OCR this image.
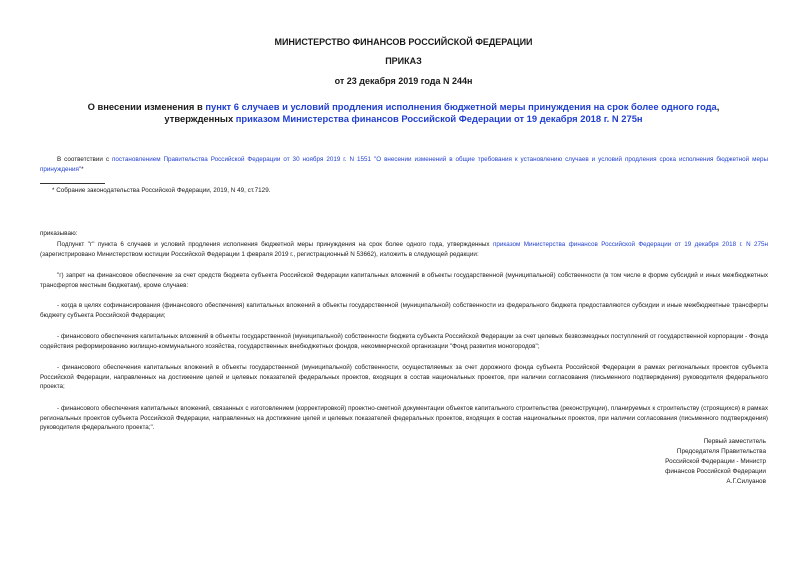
МИНИСТЕРСТВО ФИНАНСОВ РОССИЙСКОЙ ФЕДЕРАЦИИ
ПРИКАЗ
от 23 декабря 2019 года N 244н
О внесении изменения в пункт 6 случаев и условий продления исполнения бюджетной меры принуждения на срок более одного года, утвержденных приказом Министерства финансов Российской Федерации от 19 декабря 2018 г. N 275н
В соответствии с постановлением Правительства Российской Федерации от 30 ноября 2019 г. N 1551 "О внесении изменений в общие требования к установлению случаев и условий продления срока исполнения бюджетной меры принуждения"*
* Собрание законодательства Российской Федерации, 2019, N 49, ст.7129.
приказываю:
Подпункт "г" пункта 6 случаев и условий продления исполнения бюджетной меры принуждения на срок более одного года, утвержденных приказом Министерства финансов Российской Федерации от 19 декабря 2018 г. N 275н (зарегистрировано Министерством юстиции Российской Федерации 1 февраля 2019 г., регистрационный N 53662), изложить в следующей редакции:
"г) запрет на финансовое обеспечение за счет средств бюджета субъекта Российской Федерации капитальных вложений в объекты государственной (муниципальной) собственности (в том числе в форме субсидий и иных межбюджетных трансфертов местным бюджетам), кроме случаев:
- когда в целях софинансирования (финансового обеспечения) капитальных вложений в объекты государственной (муниципальной) собственности из федерального бюджета предоставляются субсидии и иные межбюджетные трансферты бюджету субъекта Российской Федерации;
- финансового обеспечения капитальных вложений в объекты государственной (муниципальной) собственности бюджета субъекта Российской Федерации за счет целевых безвозмездных поступлений от государственной корпорации - Фонда содействия реформированию жилищно-коммунального хозяйства, государственных внебюджетных фондов, некоммерческой организации "Фонд развития моногородов";
- финансового обеспечения капитальных вложений в объекты государственной (муниципальной) собственности, осуществляемых за счет дорожного фонда субъекта Российской Федерации в рамках региональных проектов субъекта Российской Федерации, направленных на достижение целей и целевых показателей федеральных проектов, входящих в состав национальных проектов, при наличии согласования (письменного подтверждения) руководителя федерального проекта;
- финансового обеспечения капитальных вложений, связанных с изготовлением (корректировкой) проектно-сметной документации объектов капитального строительства (реконструкции), планируемых к строительству (строящихся) в рамках региональных проектов субъекта Российской Федерации, направленных на достижение целей и целевых показателей федеральных проектов, входящих в состав национальных проектов, при наличии согласования (письменного подтверждения) руководителя федерального проекта;".
Первый заместитель
Председателя Правительства
Российской Федерации - Министр
финансов Российской Федерации
А.Г.Силуанов
